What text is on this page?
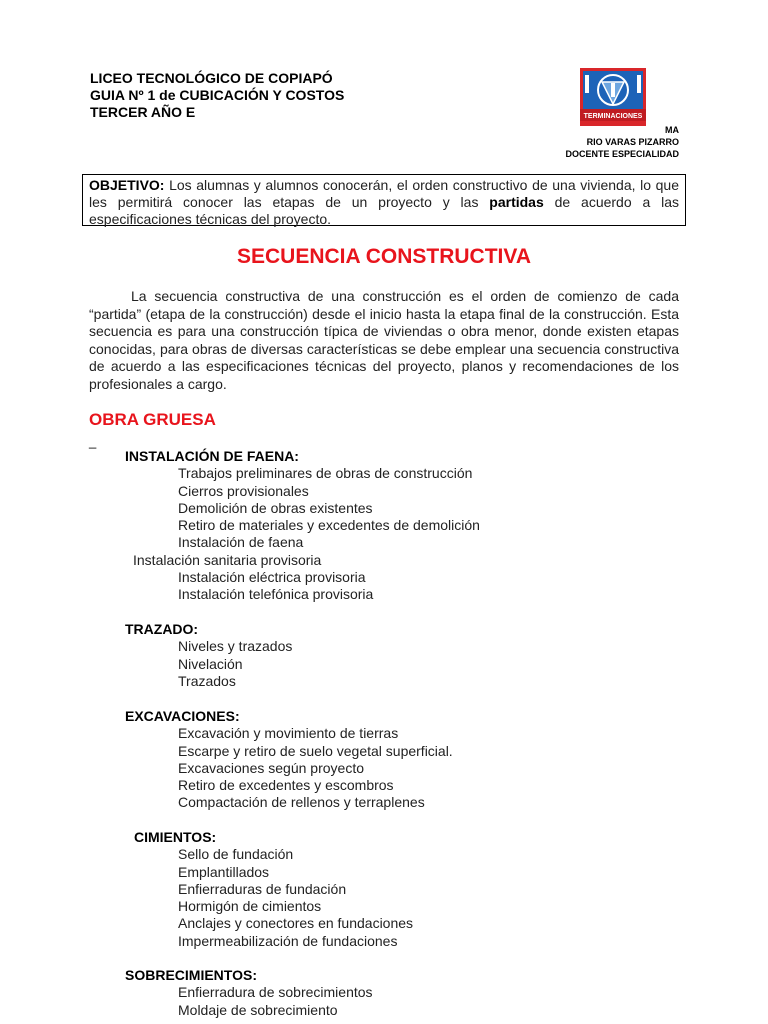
LICEO TECNOLÓGICO DE COPIAPÓ
GUIA Nº 1 de CUBICACIÓN Y COSTOS
TERCER AÑO E	TERMINACIONES
MA
RIO VARAS PIZARRO
DOCENTE ESPECIALIDAD
OBJETIVO: Los alumnas y alumnos conocerán, el orden constructivo de una vivienda, lo que les permitirá conocer las etapas de un proyecto y las partidas de acuerdo a las especificaciones técnicas del proyecto.
SECUENCIA CONSTRUCTIVA

La secuencia constructiva de una construcción es el orden de comienzo de cada “partida” (etapa de la construcción) desde el inicio hasta la etapa final de la construcción. Esta secuencia es para una construcción típica de viviendas o obra menor, donde existen etapas conocidas, para obras de diversas características se debe emplear una secuencia constructiva de acuerdo a las especificaciones técnicas del proyecto, planos y recomendaciones de los profesionales a cargo.

OBRA GRUESA
_
INSTALACIÓN DE FAENA:
Trabajos preliminares de obras de construcción
Cierros provisionales
Demolición de obras existentes
Retiro de materiales y excedentes de demolición
Instalación de faena
Instalación sanitaria provisoria
Instalación eléctrica provisoria
Instalación telefónica provisoria
TRAZADO:
Niveles y trazados
Nivelación
Trazados
EXCAVACIONES:
Excavación y movimiento de tierras
Escarpe y retiro de suelo vegetal superficial.
Excavaciones según proyecto
Retiro de excedentes y escombros
Compactación de rellenos y terraplenes
CIMIENTOS:
Sello de fundación
Emplantillados
Enfierraduras de fundación
Hormigón de cimientos
Anclajes y conectores en fundaciones
Impermeabilización de fundaciones
SOBRECIMIENTOS:
Enfierradura de sobrecimientos
Moldaje de sobrecimiento
